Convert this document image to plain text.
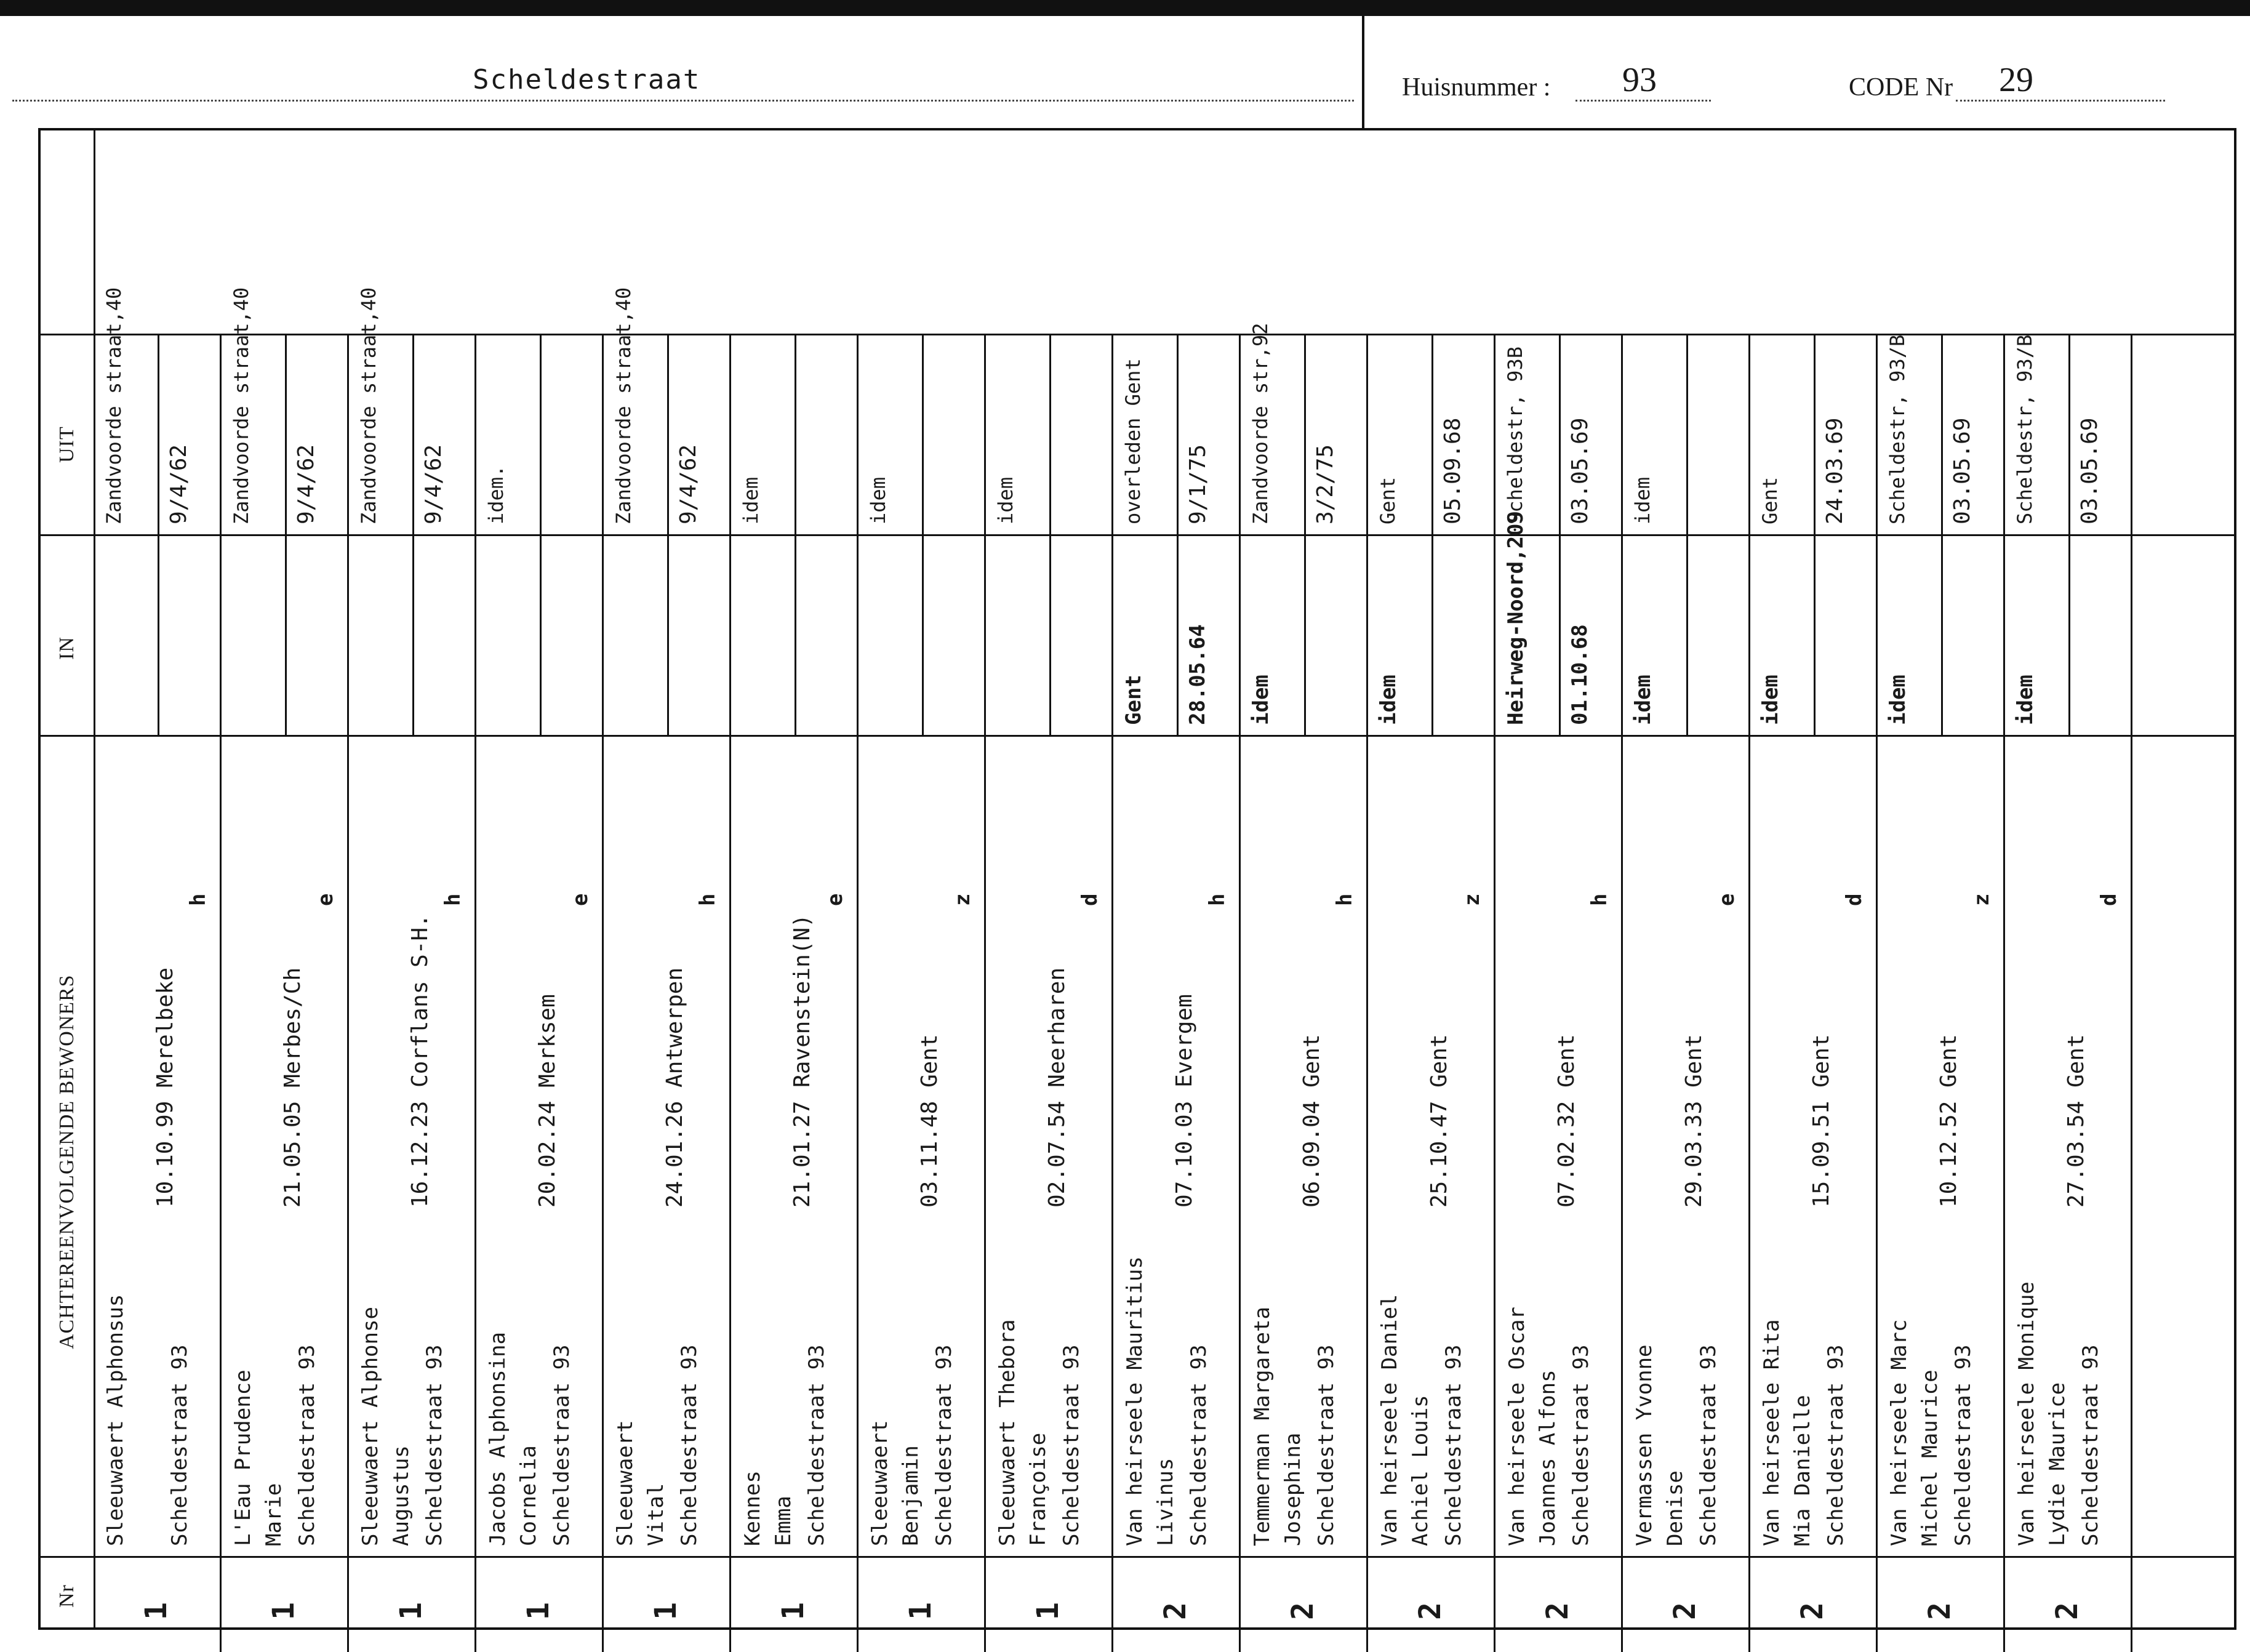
Scheldestraat	Huisnummer : 93	CODE Nr 29
UIT
IN
ACHTEREENVOLGENDE BEWONERS
Nr
Zandvoorde straat,40 9/4/62
Sleeuwaert Alphonsus Scheldestraat 93
10.10.99 Merelbeke
h
1
Zandvoorde straat,40 9/4/62
L'Eau Prudence Marie Scheldestraat 93
21.05.05 Merbes/Ch
e
1
Zandvoorde straat,40 9/4/62
Sleeuwaert Alphonse Augustus Scheldestraat 93
16.12.23 Corflans S-H.
h
1
idem.
Jacobs Alphonsina Cornelia Scheldestraat 93
20.02.24 Merksem
e
1
Zandvoorde straat,40 9/4/62
Sleeuwaert Vital Scheldestraat 93
24.01.26 Antwerpen
h
1
idem
Kennes Emma Scheldestraat 93
21.01.27 Ravenstein(N)
e
1
idem
Sleeuwaert Benjamin Scheldestraat 93
03.11.48 Gent
z
1
idem
Sleeuwaert Thebora Françoise Scheldestraat 93
02.07.54 Neerharen
d
1
overleden Gent 9/1/75
Gent 28.05.64
Van heirseele Mauritius Livinus Scheldestraat 93
07.10.03 Evergem
h
2
Zandvoorde str,92 3/2/75
idem
Temmerman Margareta Josephina Scheldestraat 93
06.09.04 Gent
h
2
Gent 05.09.68
idem
Van heirseele Daniel Achiel Louis Scheldestraat 93
25.10.47 Gent
z
2
Scheldestr, 93B 03.05.69
Heirweg-Noord,209 01.10.68
Van heirseele Oscar Joannes Alfons Scheldestraat 93
07.02.32 Gent
h
2
idem
idem
Vermassen Yvonne Denise Scheldestraat 93
29.03.33 Gent
e
2
Gent 24.03.69
idem
Van heirseele Rita Mia Danielle Scheldestraat 93
15.09.51 Gent
d
2
Scheldestr, 93/B 03.05.69
idem
Van heirseele Marc Michel Maurice Scheldestraat 93
10.12.52 Gent
z
2
Scheldestr, 93/B 03.05.69
idem
Van heirseele Monique Lydie Maurice Scheldestraat 93
27.03.54 Gent
d
2
